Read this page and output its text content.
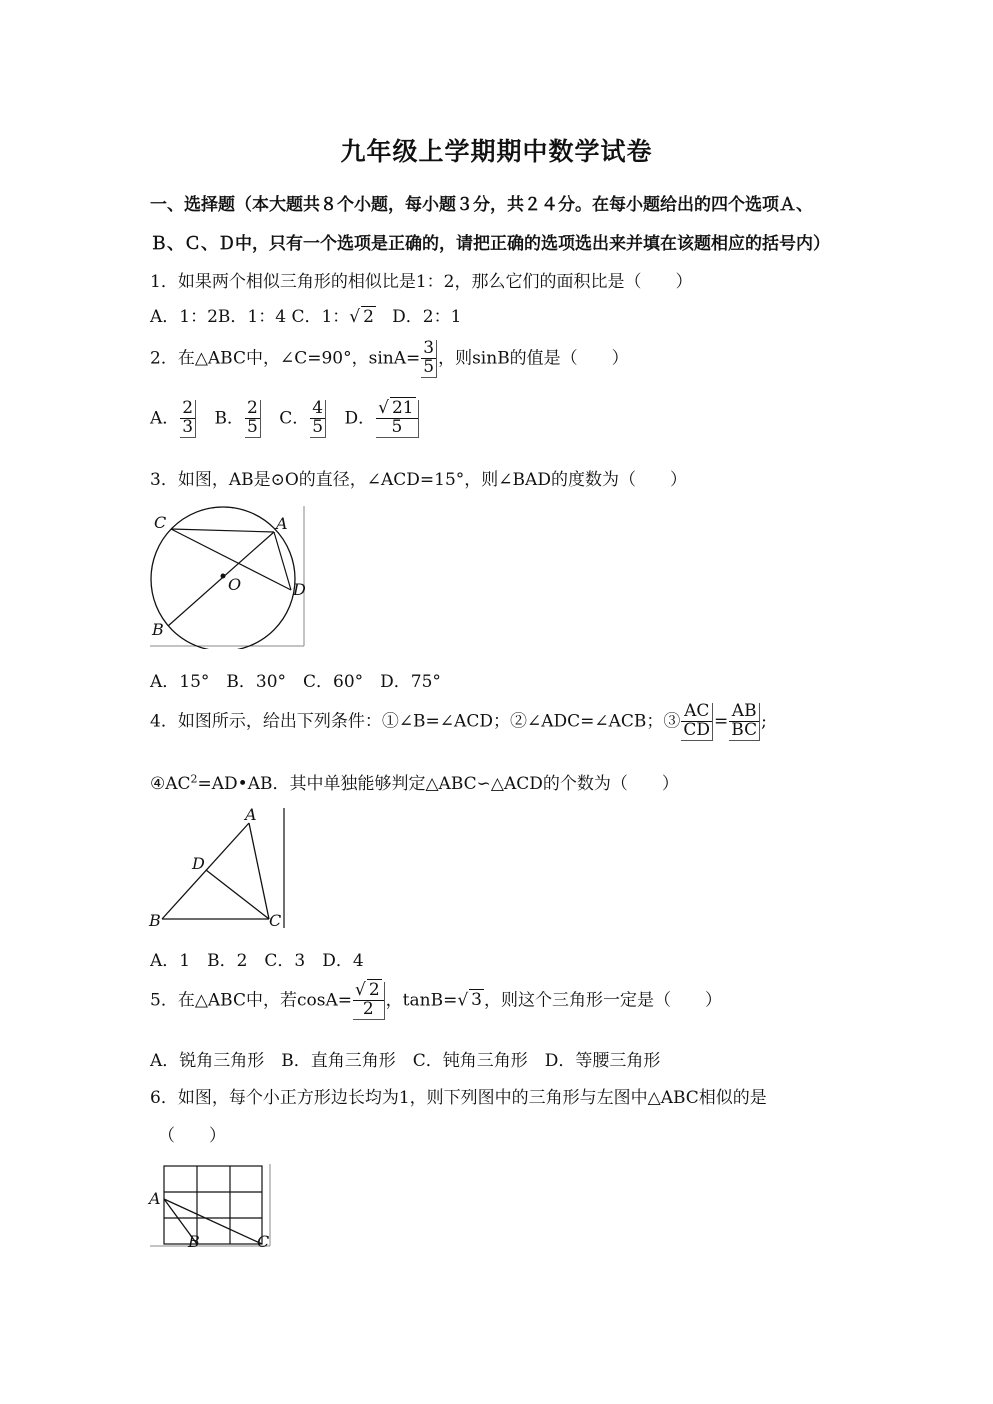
九年级上学期期中数学试卷
一、选择题（本大题共８个小题，每小题３分，共２４分。在每小题给出的四个选项Ａ、
Ｂ、Ｃ、Ｄ中，只有一个选项是正确的，请把正确的选项选出来并填在该题相应的括号内）
1．如果两个相似三角形的相似比是1：2，那么它们的面积比是（　　）
A．1：2B．1：4 C．1：√ 2 D．2：1
2．在△ABC中，∠C=90°，$\sin A= \frac{3}{5}$ ，则sinB的值是（　　）
A． $\frac{2}{3}$ B． $\frac{2}{5}$ C． $\frac{4}{5}$ D． $\frac{√ 21}{5}$
3．如图，AB是⊙O的直径，∠ACD=15°，则∠BAD的度数为（　　）
C	A
O	D
B
A．15°　B．30°　C．60°　D．75°
4．如图所示，给出下列条件：①∠B=∠ACD；②∠ADC=∠ACB；③ $\frac{AC}{CD} = \frac{AB}{BC}$ ;
$④AC^2=AD•AB$．其中单独能够判定△ABC∽△ACD的个数为（　　）
A
D
B	C
A．1　B．2　C．3　D．4
5．在△ABC中，若$\cos A= \frac{√ 2}{2}$ ，tanB=√ 3 ，则这个三角形一定是（　　）
A．锐角三角形　B．直角三角形　C．钝角三角形　D．等腰三角形
6．如图，每个小正方形边长均为1，则下列图中的三角形与左图中△ABC相似的是
（　　）
A
B	C
